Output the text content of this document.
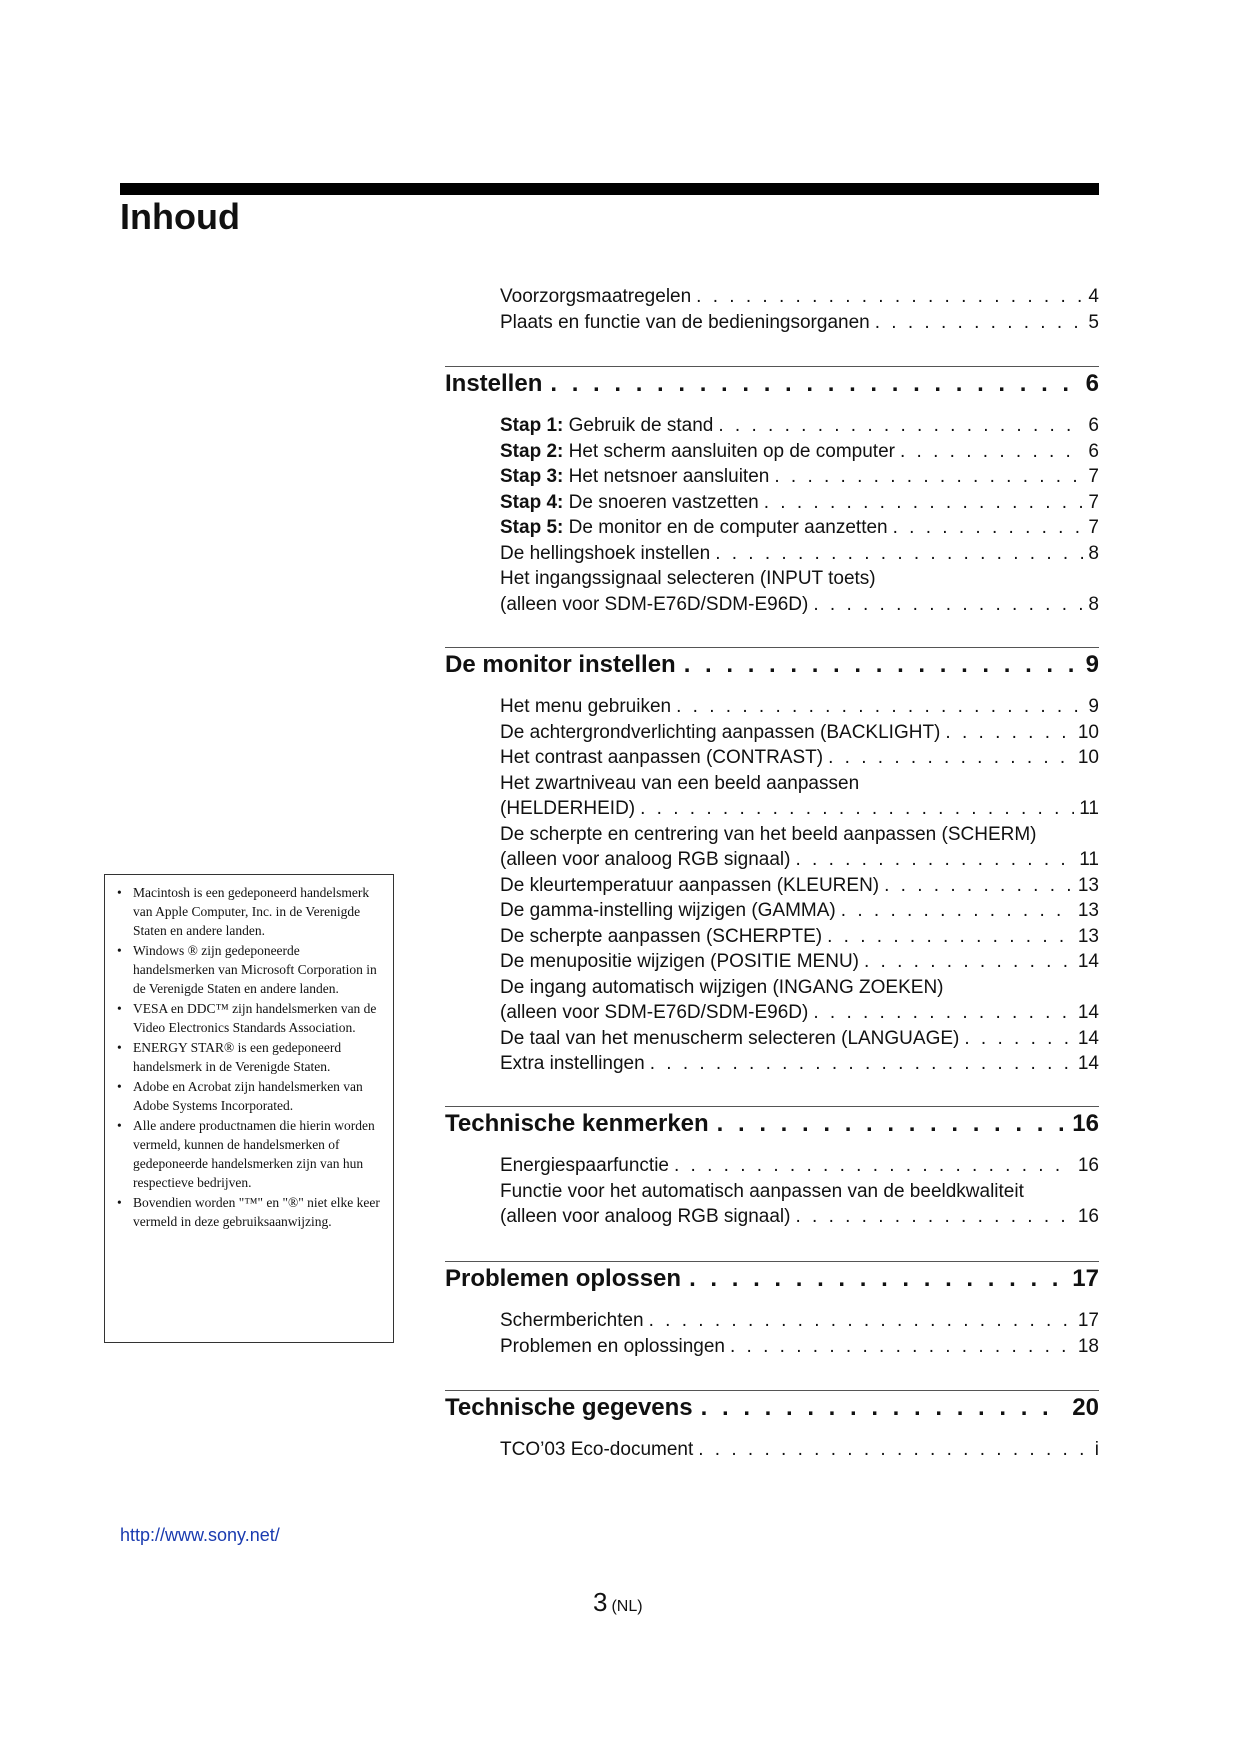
Inhoud
Voorzorgsmaatregelen . . .	4
Plaats en functie van de bedieningsorganen . . .	5
Instellen . . .	6
Stap 1: Gebruik de stand . . .	6
Stap 2: Het scherm aansluiten op de computer . . .	6
Stap 3: Het netsnoer aansluiten . . .	7
Stap 4: De snoeren vastzetten . . .	7
Stap 5: De monitor en de computer aanzetten . . .	7
De hellingshoek instellen . . .	8
Het ingangssignaal selecteren (INPUT toets)
(alleen voor SDM-E76D/SDM-E96D) . . .	8
De monitor instellen . . .	9
Het menu gebruiken . . .	9
De achtergrondverlichting aanpassen (BACKLIGHT) . . .	10
Het contrast aanpassen (CONTRAST) . . .	10
Het zwartniveau van een beeld aanpassen
(HELDERHEID) . . .	11
De scherpte en centrering van het beeld aanpassen (SCHERM)
(alleen voor analoog RGB signaal) . . .	11
De kleurtemperatuur aanpassen (KLEUREN) . . .	13
De gamma-instelling wijzigen (GAMMA) . . .	13
De scherpte aanpassen (SCHERPTE) . . .	13
De menupositie wijzigen (POSITIE MENU) . . .	14
De ingang automatisch wijzigen (INGANG ZOEKEN)
(alleen voor SDM-E76D/SDM-E96D) . . .	14
De taal van het menuscherm selecteren (LANGUAGE) . . .	14
Extra instellingen . . .	14
Technische kenmerken . . .	16
Energiespaarfunctie . . .	16
Functie voor het automatisch aanpassen van de beeldkwaliteit
(alleen voor analoog RGB signaal) . . .	16
Problemen oplossen . . .	17
Schermberichten . . .	17
Problemen en oplossingen . . .	18
Technische gegevens . . .	20
TCO’03 Eco-document . . .	i
• Macintosh is een gedeponeerd handelsmerk van Apple Computer, Inc. in de Verenigde Staten en andere landen.
• Windows ® zijn gedeponeerde handelsmerken van Microsoft Corporation in de Verenigde Staten en andere landen.
• VESA en DDC™ zijn handelsmerken van de Video Electronics Standards Association.
• ENERGY STAR® is een gedeponeerd handelsmerk in de Verenigde Staten.
• Adobe en Acrobat zijn handelsmerken van Adobe Systems Incorporated.
• Alle andere productnamen die hierin worden vermeld, kunnen de handelsmerken of gedeponeerde handelsmerken zijn van hun respectieve bedrijven.
• Bovendien worden "™" en "®" niet elke keer vermeld in deze gebruiksaanwijzing.
http://www.sony.net/
3 (NL)
